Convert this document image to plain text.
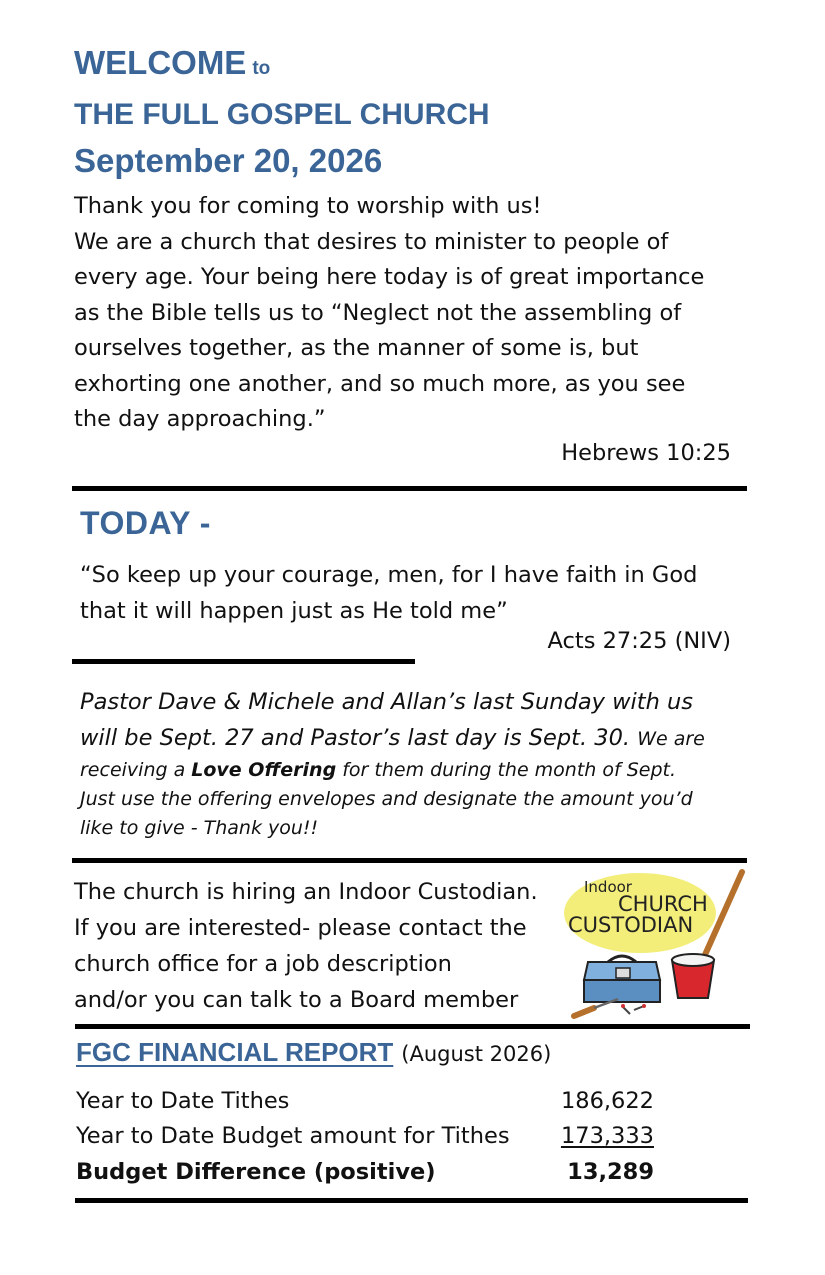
WELCOME to
THE FULL GOSPEL CHURCH
September 20, 2026

Thank you for coming to worship with us!

We are a church that desires to minister to people of

every age. Your being here today is of great importance

as the Bible tells us to “Neglect not the assembling of

ourselves together, as the manner of some is, but

exhorting one another, and so much more, as you see

the day approaching.”

Hebrews 10:25
TODAY -
“So keep up your courage, men, for I have faith in God
that it will happen just as He told me”
Acts 27:25 (NIV)
Pastor Dave & Michele and Allan’s last Sunday with us
will be Sept. 27 and Pastor’s last day is Sept. 30. We are
receiving a Love Offering for them during the month of Sept.
Just use the offering envelopes and designate the amount you’d
like to give - Thank you!!
The church is hiring an Indoor Custodian.
If you are interested- please contact the
church office for a job description
and/or you can talk to a Board member
Indoor
CHURCH
CUSTODIAN
FGC FINANCIAL REPORT (August 2026)
Year to Date Tithes	186,622
Year to Date Budget amount for Tithes 173,333
Budget Difference (positive)	13,289
